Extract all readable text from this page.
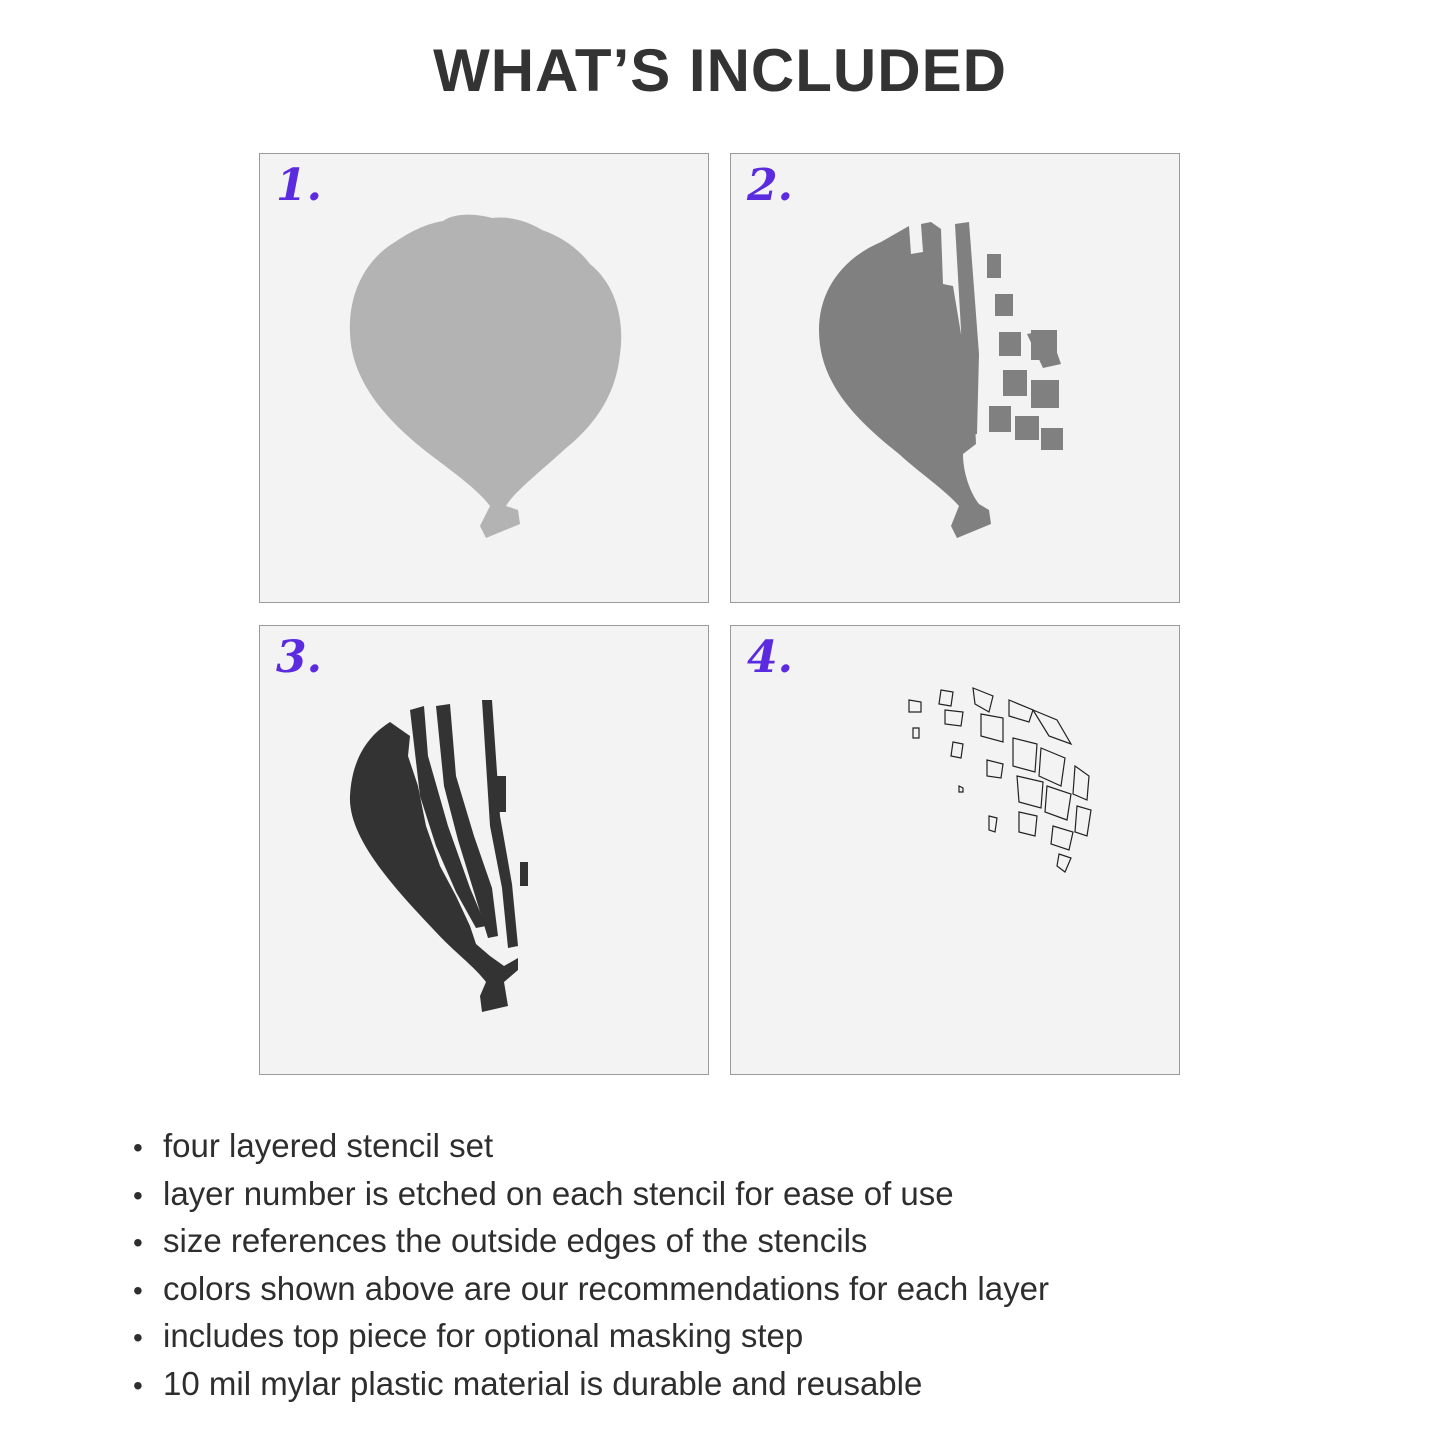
WHAT’S INCLUDED
1.	2.
3.	4.
• four layered stencil set
• layer number is etched on each stencil for ease of use
• size references the outside edges of the stencils
• colors shown above are our recommendations for each layer
• includes top piece for optional masking step
• 10 mil mylar plastic material is durable and reusable
